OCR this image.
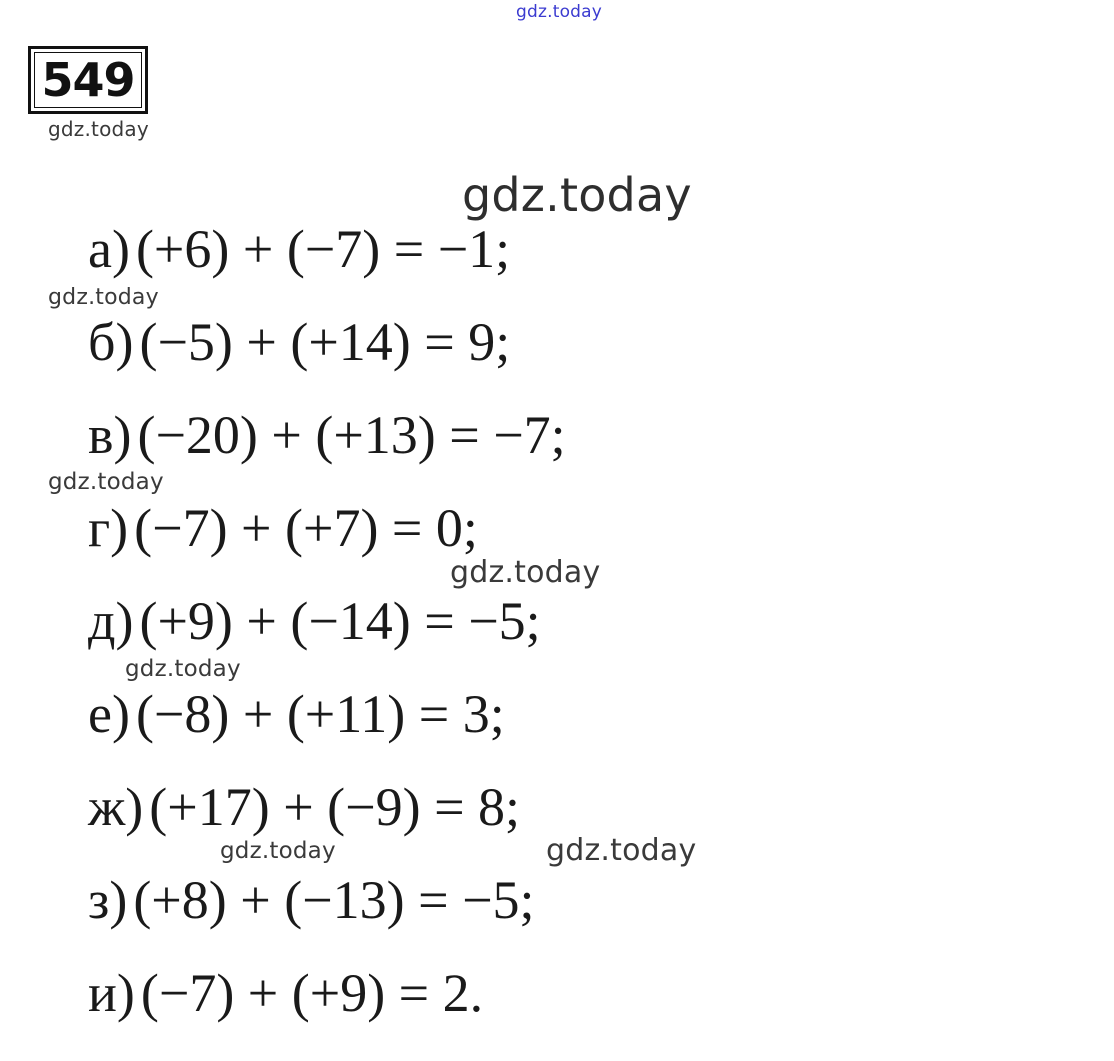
gdz.today
549
gdz.today
gdz.today
gdz.today
gdz.today
gdz.today
gdz.today
gdz.today	gdz.today
а) (+6) + (−7) = −1;
б) (−5) + (+14) = 9;
в) (−20) + (+13) = −7;
г) (−7) + (+7) = 0;
д) (+9) + (−14) = −5;
е) (−8) + (+11) = 3;
ж) (+17) + (−9) = 8;
з) (+8) + (−13) = −5;
и) (−7) + (+9) = 2.
